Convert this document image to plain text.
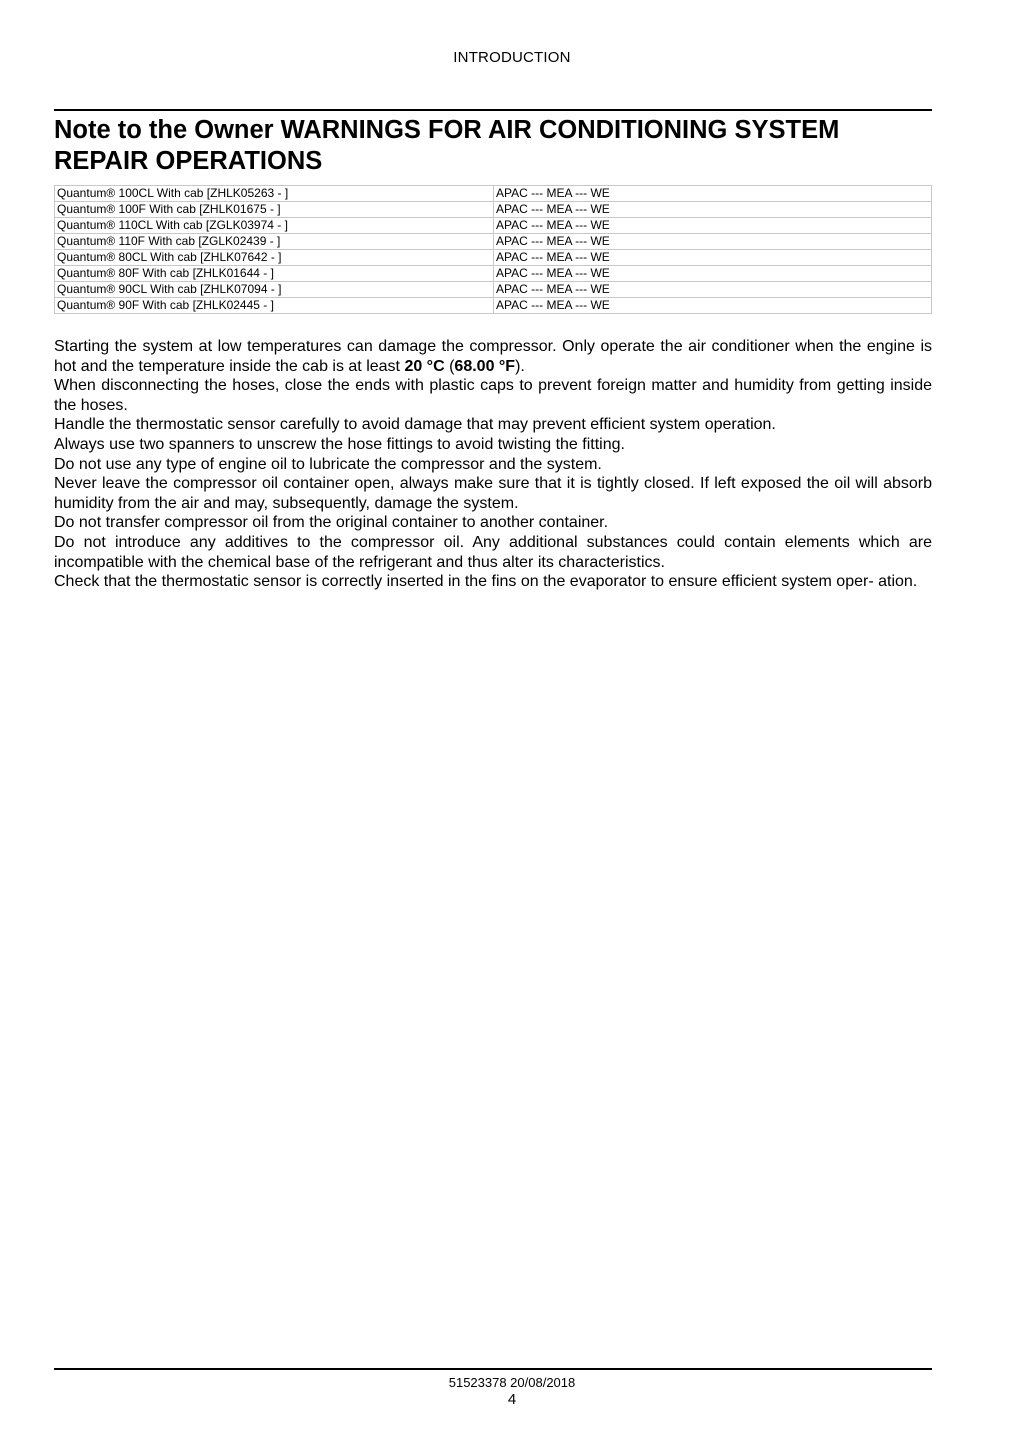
INTRODUCTION
Note to the Owner WARNINGS FOR AIR CONDITIONING SYSTEM REPAIR OPERATIONS
Quantum® 100CL With cab [ZHLK05263 - ]	APAC --- MEA --- WE
Quantum® 100F With cab [ZHLK01675 - ]	APAC --- MEA --- WE
Quantum® 110CL With cab [ZGLK03974 - ]	APAC --- MEA --- WE
Quantum® 110F With cab [ZGLK02439 - ]	APAC --- MEA --- WE
Quantum® 80CL With cab [ZHLK07642 - ]	APAC --- MEA --- WE
Quantum® 80F With cab [ZHLK01644 - ]	APAC --- MEA --- WE
Quantum® 90CL With cab [ZHLK07094 - ]	APAC --- MEA --- WE
Quantum® 90F With cab [ZHLK02445 - ]	APAC --- MEA --- WE

Starting the system at low temperatures can damage the compressor. Only operate the air conditioner when the engine is hot and the temperature inside the cab is at least 20 °C (68.00 °F).

When disconnecting the hoses, close the ends with plastic caps to prevent foreign matter and humidity from getting inside the hoses.

Handle the thermostatic sensor carefully to avoid damage that may prevent efficient system operation.

Always use two spanners to unscrew the hose fittings to avoid twisting the fitting.

Do not use any type of engine oil to lubricate the compressor and the system.

Never leave the compressor oil container open, always make sure that it is tightly closed. If left exposed the oil will absorb humidity from the air and may, subsequently, damage the system.

Do not transfer compressor oil from the original container to another container.

Do not introduce any additives to the compressor oil. Any additional substances could contain elements which are incompatible with the chemical base of the refrigerant and thus alter its characteristics.

Check that the thermostatic sensor is correctly inserted in the fins on the evaporator to ensure efficient system oper- ation.

51523378 20/08/2018
4
